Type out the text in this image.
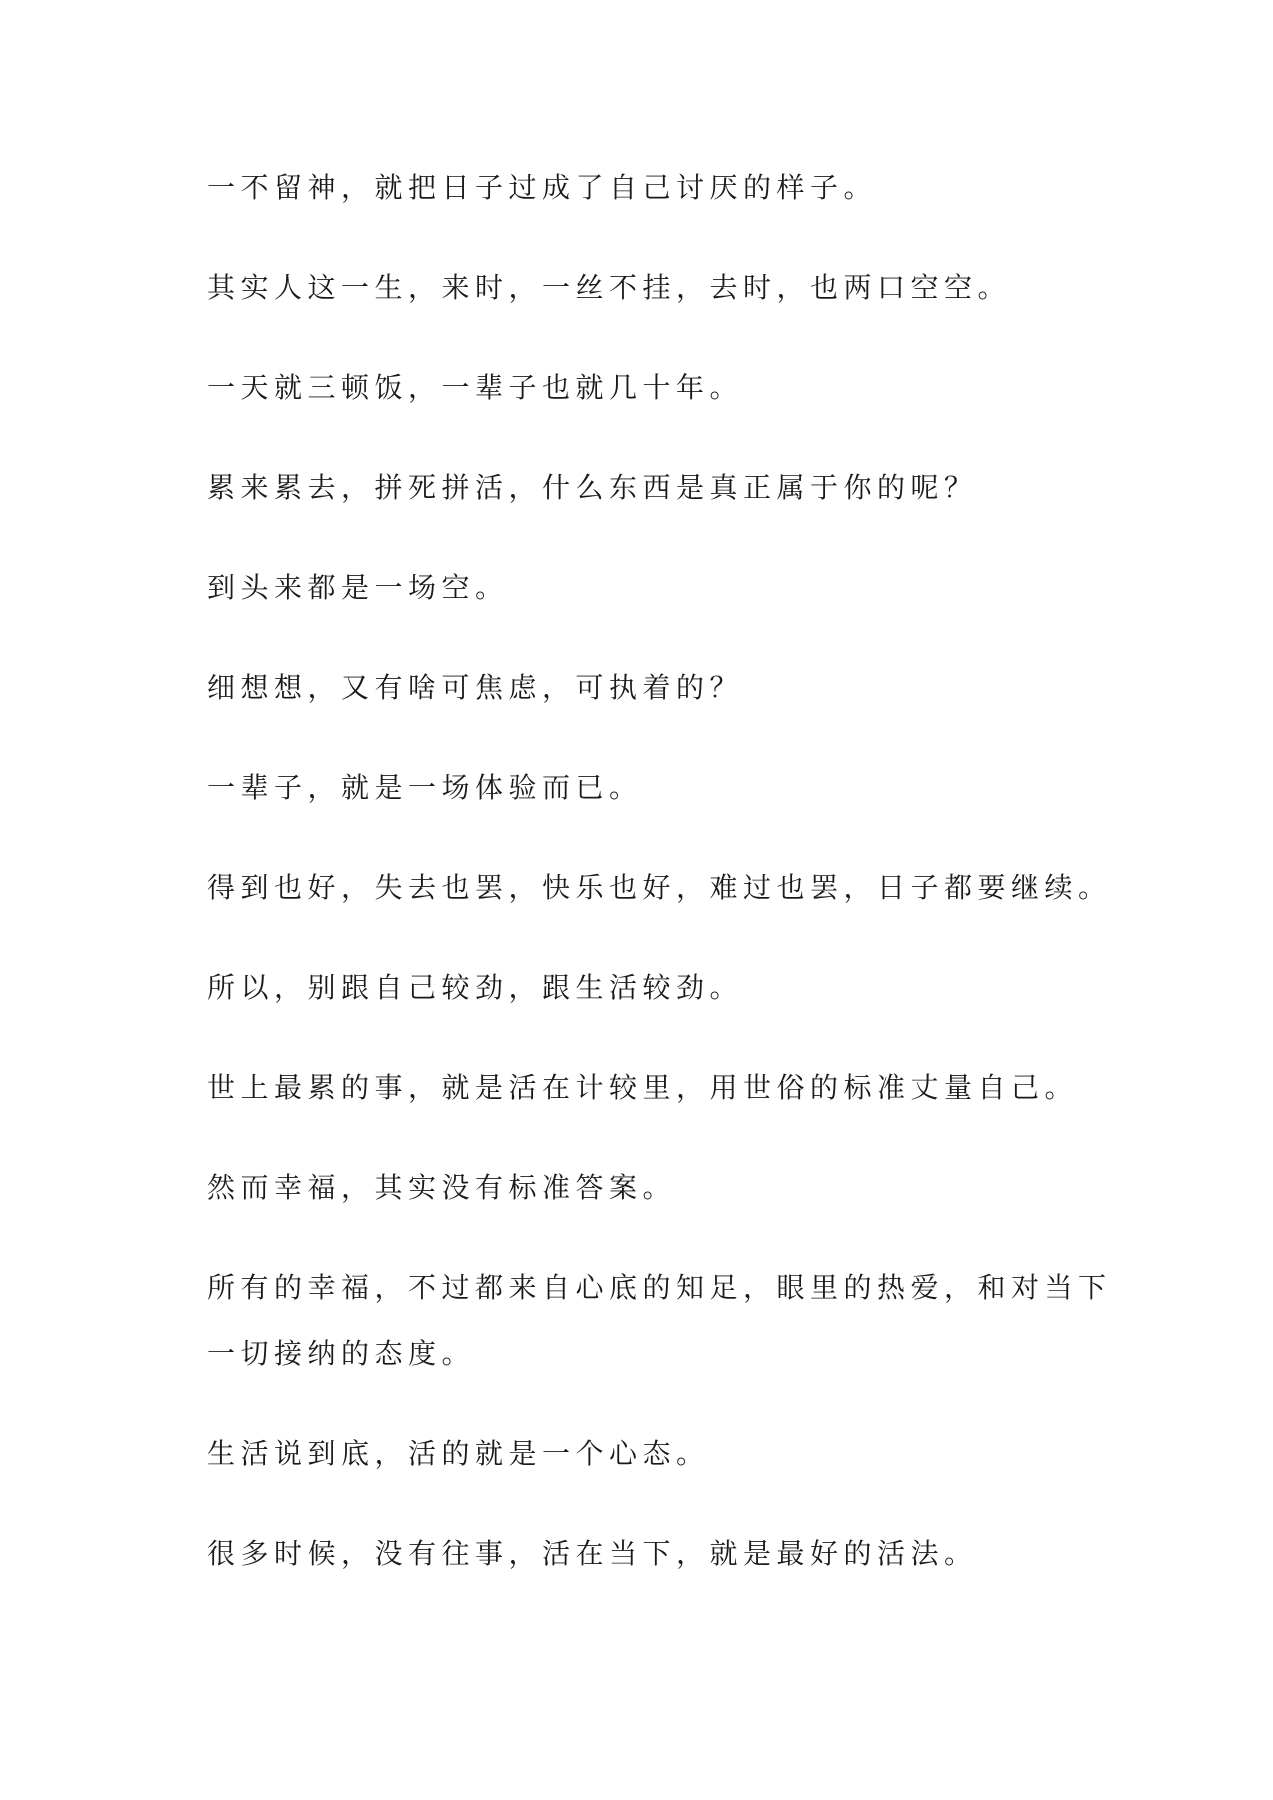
一不留神，就把日子过成了自己讨厌的样子。

其实人这一生，来时，一丝不挂，去时，也两口空空。

一天就三顿饭，一辈子也就几十年。

累来累去，拼死拼活，什么东西是真正属于你的呢？

到头来都是一场空。

细想想，又有啥可焦虑，可执着的？

一辈子，就是一场体验而已。

得到也好，失去也罢，快乐也好，难过也罢，日子都要继续。

所以，别跟自己较劲，跟生活较劲。

世上最累的事，就是活在计较里，用世俗的标准丈量自己。

然而幸福，其实没有标准答案。

所有的幸福，不过都来自心底的知足，眼里的热爱，和对当下

一切接纳的态度。

生活说到底，活的就是一个心态。

很多时候，没有往事，活在当下，就是最好的活法。
